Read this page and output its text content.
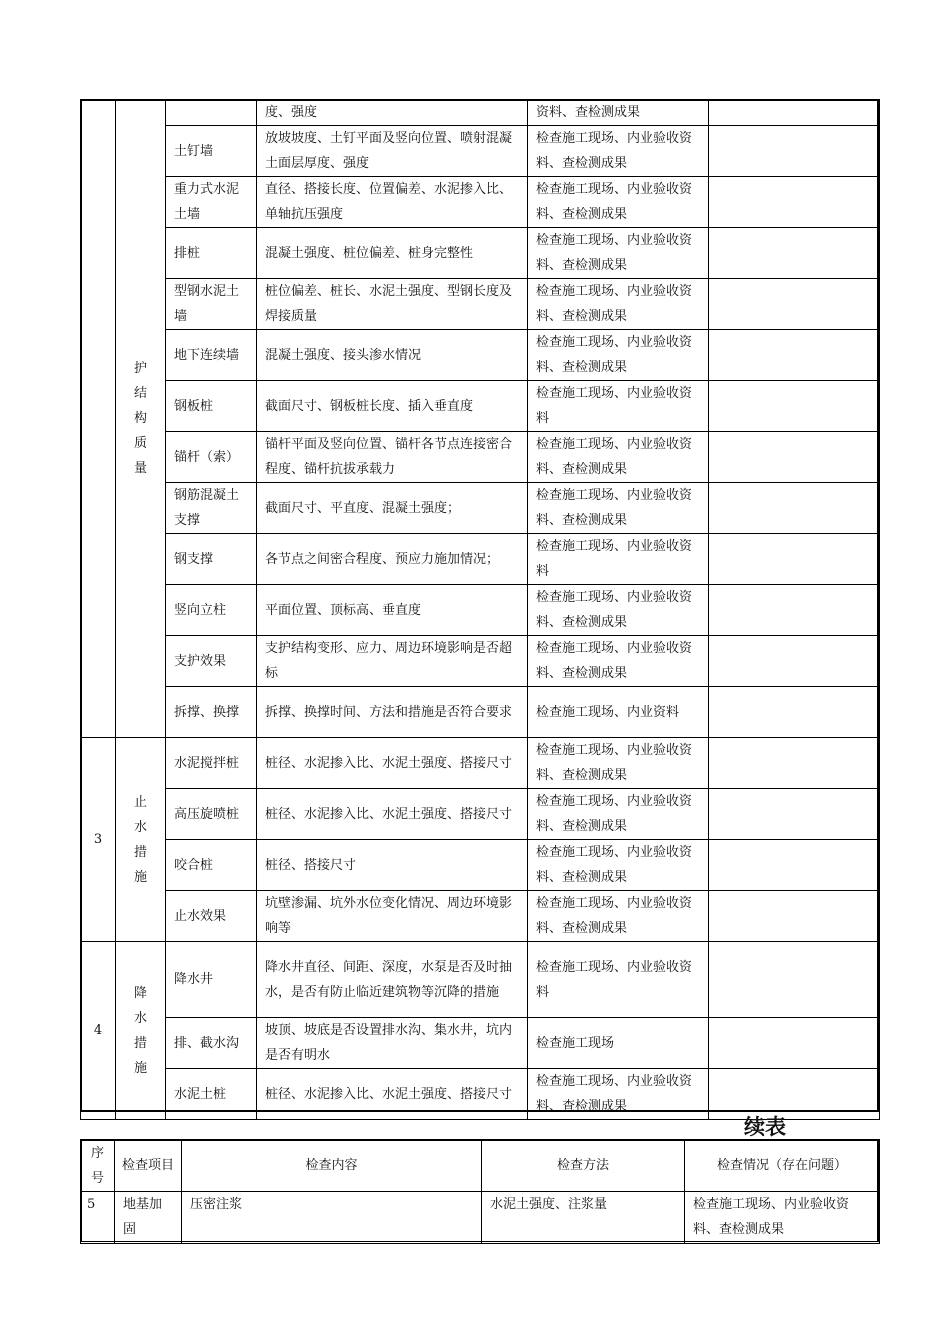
	护结构质量		度、强度	资料、查检测成果	
		土钉墙	放坡坡度、土钉平面及竖向位置、喷射混凝土面层厚度、强度	检查施工现场、内业验收资料、查检测成果	
		重力式水泥土墙	直径、搭接长度、位置偏差、水泥掺入比、单轴抗压强度	检查施工现场、内业验收资料、查检测成果	
		排桩	混凝土强度、桩位偏差、桩身完整性	检查施工现场、内业验收资料、查检测成果	
		型钢水泥土墙	桩位偏差、桩长、水泥土强度、型钢长度及焊接质量	检查施工现场、内业验收资料、查检测成果	
		地下连续墙	混凝土强度、接头渗水情况	检查施工现场、内业验收资料、查检测成果	
		钢板桩	截面尺寸、钢板桩长度、插入垂直度	检查施工现场、内业验收资料	
		锚杆（索）	锚杆平面及竖向位置、锚杆各节点连接密合程度、锚杆抗拔承载力	检查施工现场、内业验收资料、查检测成果	
		钢筋混凝土支撑	截面尺寸、平直度、混凝土强度；	检查施工现场、内业验收资料、查检测成果	
		钢支撑	各节点之间密合程度、预应力施加情况；	检查施工现场、内业验收资料	
		竖向立柱	平面位置、顶标高、垂直度	检查施工现场、内业验收资料、查检测成果	
		支护效果	支护结构变形、应力、周边环境影响是否超标	检查施工现场、内业验收资料、查检测成果	
		拆撑、换撑	拆撑、换撑时间、方法和措施是否符合要求	检查施工现场、内业资料	
3	止水措施	水泥搅拌桩	桩径、水泥掺入比、水泥土强度、搭接尺寸	检查施工现场、内业验收资料、查检测成果	
		高压旋喷桩	桩径、水泥掺入比、水泥土强度、搭接尺寸	检查施工现场、内业验收资料、查检测成果	
		咬合桩	桩径、搭接尺寸	检查施工现场、内业验收资料、查检测成果	
		止水效果	坑壁渗漏、坑外水位变化情况、周边环境影响等	检查施工现场、内业验收资料、查检测成果	
4	降水措施	降水井	降水井直径、间距、深度，水泵是否及时抽水，是否有防止临近建筑物等沉降的措施	检查施工现场、内业验收资料	
		排、截水沟	坡顶、坡底是否设置排水沟、集水井，坑内是否有明水	检查施工现场	
		水泥土桩	桩径、水泥掺入比、水泥土强度、搭接尺寸	检查施工现场、内业验收资料、查检测成果	
续表
序号	检查项目	检查内容	检查方法	检查情况（存在问题）
5	地基加固	压密注浆	水泥土强度、注浆量	检查施工现场、内业验收资料、查检测成果
